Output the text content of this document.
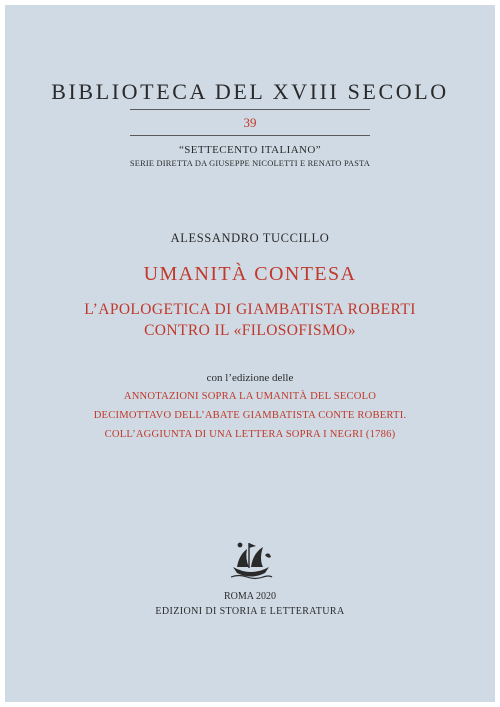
BIBLIOTECA DEL XVIII SECOLO
39
“SETTECENTO ITALIANO”
SERIE DIRETTA DA GIUSEPPE NICOLETTI E RENATO PASTA
ALESSANDRO TUCCILLO
UMANITÀ CONTESA
L’APOLOGETICA DI GIAMBATISTA ROBERTI
CONTRO IL «FILOSOFISMO»
con l’edizione delle
ANNOTAZIONI SOPRA LA UMANITÀ DEL SECOLO
DECIMOTTAVO DELL’ABATE GIAMBATISTA CONTE ROBERTI.
COLL’AGGIUNTA DI UNA LETTERA SOPRA I NEGRI (1786)
ROMA 2020
EDIZIONI DI STORIA E LETTERATURA
